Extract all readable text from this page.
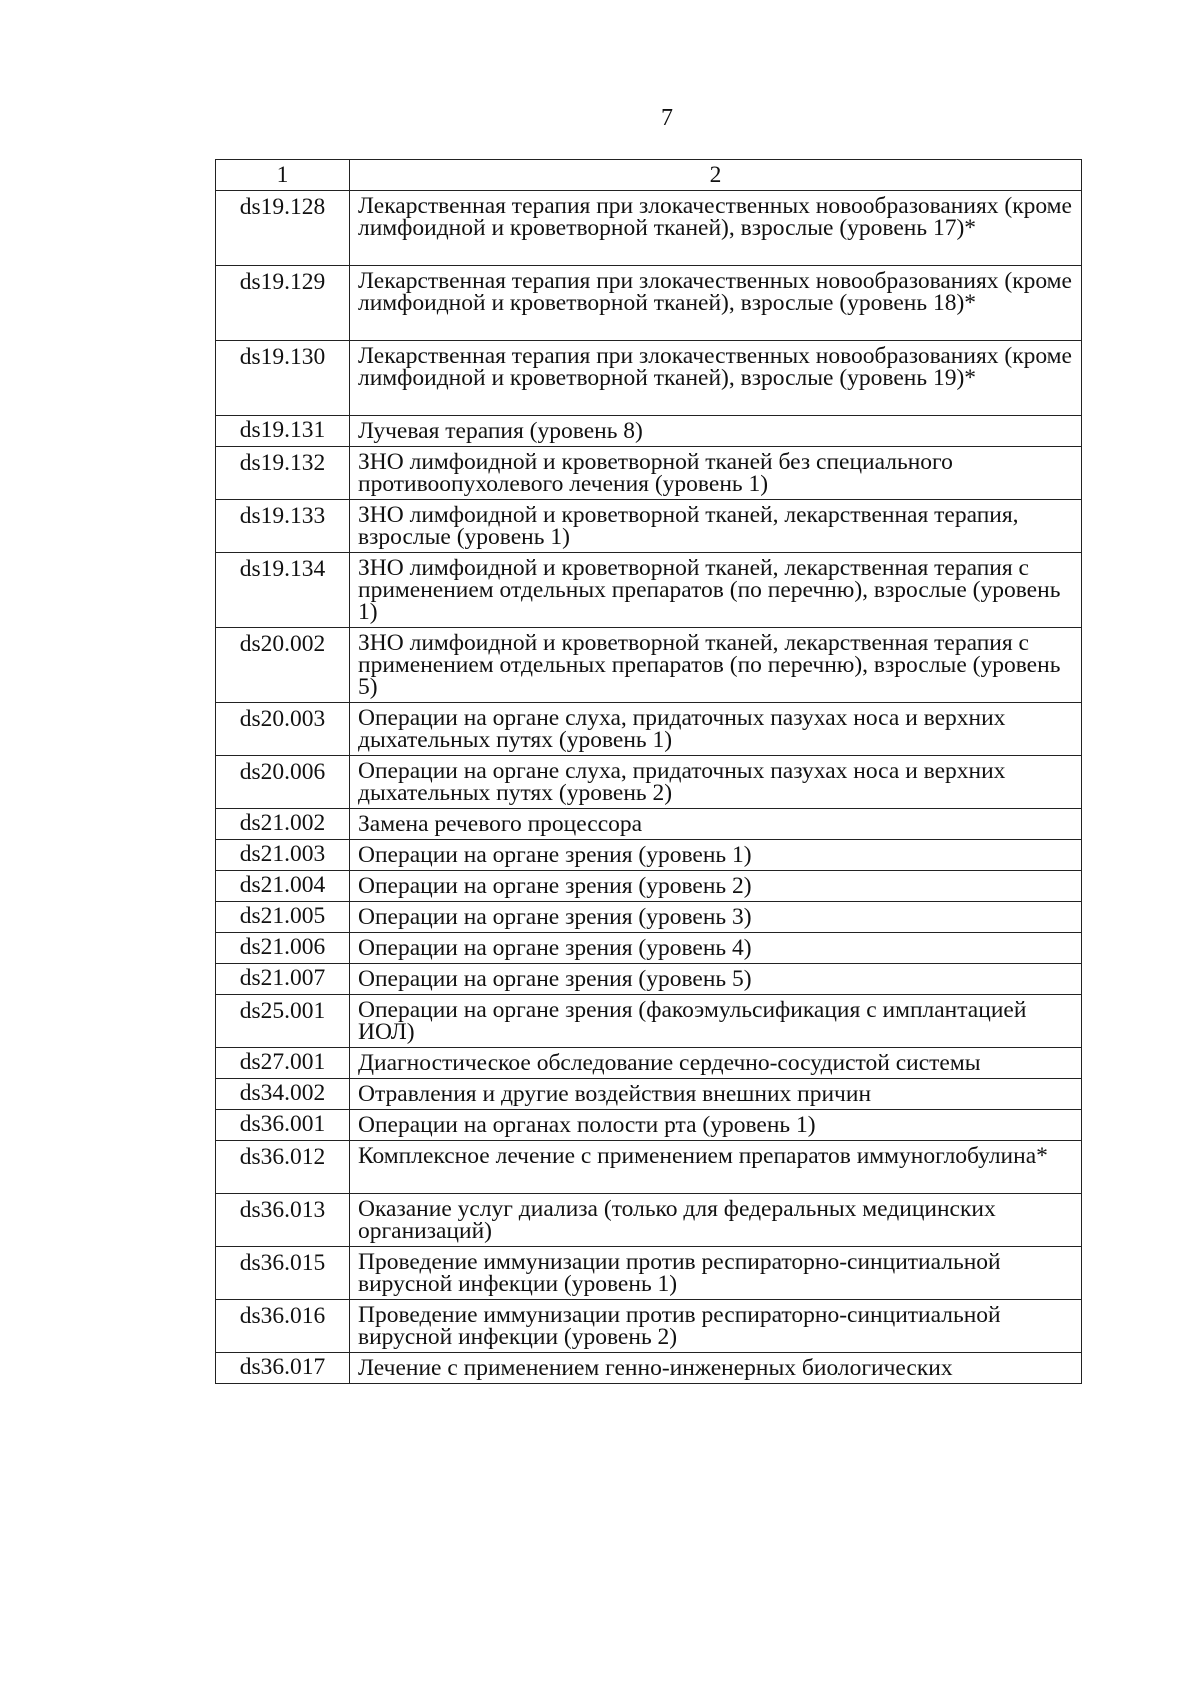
7
1	2
ds19.128	Лекарственная терапия при злокачественных новообразованиях (кроме лимфоидной и кроветворной тканей), взрослые (уровень 17)*
ds19.129	Лекарственная терапия при злокачественных новообразованиях (кроме лимфоидной и кроветворной тканей), взрослые (уровень 18)*
ds19.130	Лекарственная терапия при злокачественных новообразованиях (кроме лимфоидной и кроветворной тканей), взрослые (уровень 19)*
ds19.131	Лучевая терапия (уровень 8)
ds19.132	ЗНО лимфоидной и кроветворной тканей без специального противоопухолевого лечения (уровень 1)
ds19.133	ЗНО лимфоидной и кроветворной тканей, лекарственная терапия, взрослые (уровень 1)
ds19.134	ЗНО лимфоидной и кроветворной тканей, лекарственная терапия с применением отдельных препаратов (по перечню), взрослые (уровень 1)
ds20.002	ЗНО лимфоидной и кроветворной тканей, лекарственная терапия с применением отдельных препаратов (по перечню), взрослые (уровень 5)
ds20.003	Операции на органе слуха, придаточных пазухах носа и верхних дыхательных путях (уровень 1)
ds20.006	Операции на органе слуха, придаточных пазухах носа и верхних дыхательных путях (уровень 2)
ds21.002	Замена речевого процессора
ds21.003	Операции на органе зрения (уровень 1)
ds21.004	Операции на органе зрения (уровень 2)
ds21.005	Операции на органе зрения (уровень 3)
ds21.006	Операции на органе зрения (уровень 4)
ds21.007	Операции на органе зрения (уровень 5)
ds25.001	Операции на органе зрения (факоэмульсификация с имплантацией ИОЛ)
ds27.001	Диагностическое обследование сердечно-сосудистой системы
ds34.002	Отравления и другие воздействия внешних причин
ds36.001	Операции на органах полости рта (уровень 1)
ds36.012	Комплексное лечение с применением препаратов иммуноглобулина*
ds36.013	Оказание услуг диализа (только для федеральных медицинских организаций)
ds36.015	Проведение иммунизации против респираторно-синцитиальной вирусной инфекции (уровень 1)
ds36.016	Проведение иммунизации против респираторно-синцитиальной вирусной инфекции (уровень 2)
ds36.017	Лечение с применением генно-инженерных биологических
